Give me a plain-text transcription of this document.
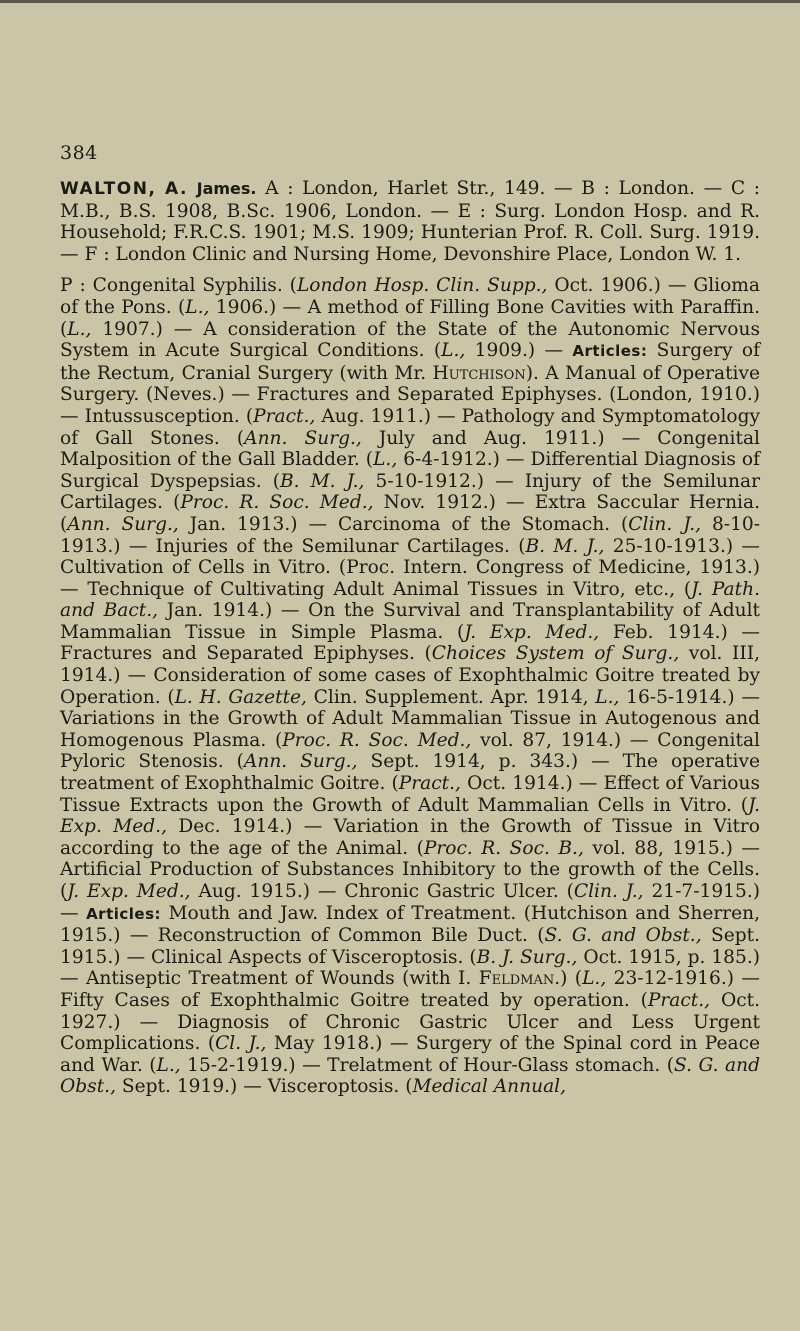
384

WALTON, A. James. A : London, Harlet Str., 149. — B : London. — C : M.B., B.S. 1908, B.Sc. 1906, London. — E : Surg. London Hosp. and R. Household; F.R.C.S. 1901; M.S. 1909; Hunterian Prof. R. Coll. Surg. 1919. — F : London Clinic and Nursing Home, Devonshire Place, London W. 1.

P : Congenital Syphilis. (London Hosp. Clin. Supp., Oct. 1906.) — Glioma of the Pons. (L., 1906.) — A method of Filling Bone Cavities with Paraffin. (L., 1907.) — A consideration of the State of the Autonomic Nervous System in Acute Surgical Conditions. (L., 1909.) — Articles: Surgery of the Rectum, Cranial Surgery (with Mr. Hutchison). A Manual of Operative Surgery. (Neves.) — Fractures and Separated Epiphyses. (London, 1910.) — Intussusception. (Pract., Aug. 1911.) — Pathology and Symptomatology of Gall Stones. (Ann. Surg., July and Aug. 1911.) — Congenital Malposition of the Gall Bladder. (L., 6-4-1912.) — Differential Diagnosis of Surgical Dyspepsias. (B. M. J., 5-10-1912.) — Injury of the Semilunar Cartilages. (Proc. R. Soc. Med., Nov. 1912.) — Extra Saccular Hernia. (Ann. Surg., Jan. 1913.) — Carcinoma of the Stomach. (Clin. J., 8-10-1913.) — Injuries of the Semilunar Cartilages. (B. M. J., 25-10-1913.) — Cultivation of Cells in Vitro. (Proc. Intern. Congress of Medicine, 1913.) — Technique of Cultivating Adult Animal Tissues in Vitro, etc., (J. Path. and Bact., Jan. 1914.) — On the Survival and Transplantability of Adult Mammalian Tissue in Simple Plasma. (J. Exp. Med., Feb. 1914.) — Fractures and Separated Epiphyses. (Choices System of Surg., vol. III, 1914.) — Consideration of some cases of Exophthalmic Goitre treated by Operation. (L. H. Gazette, Clin. Supplement. Apr. 1914, L., 16-5-1914.) — Variations in the Growth of Adult Mammalian Tissue in Autogenous and Homogenous Plasma. (Proc. R. Soc. Med., vol. 87, 1914.) — Congenital Pyloric Stenosis. (Ann. Surg., Sept. 1914, p. 343.) — The operative treatment of Exophthalmic Goitre. (Pract., Oct. 1914.) — Effect of Various Tissue Extracts upon the Growth of Adult Mammalian Cells in Vitro. (J. Exp. Med., Dec. 1914.) — Variation in the Growth of Tissue in Vitro according to the age of the Animal. (Proc. R. Soc. B., vol. 88, 1915.) — Artificial Production of Substances Inhibitory to the growth of the Cells. (J. Exp. Med., Aug. 1915.) — Chronic Gastric Ulcer. (Clin. J., 21-7-1915.) — Articles: Mouth and Jaw. Index of Treatment. (Hutchison and Sherren, 1915.) — Reconstruction of Common Bile Duct. (S. G. and Obst., Sept. 1915.) — Clinical Aspects of Visceroptosis. (B. J. Surg., Oct. 1915, p. 185.) — Antiseptic Treatment of Wounds (with I. Feldman.) (L., 23-12-1916.) — Fifty Cases of Exophthalmic Goitre treated by operation. (Pract., Oct. 1927.) — Diagnosis of Chronic Gastric Ulcer and Less Urgent Complications. (Cl. J., May 1918.) — Surgery of the Spinal cord in Peace and War. (L., 15-2-1919.) — Trelatment of Hour-Glass stomach. (S. G. and Obst., Sept. 1919.) — Visceroptosis. (Medical Annual,
